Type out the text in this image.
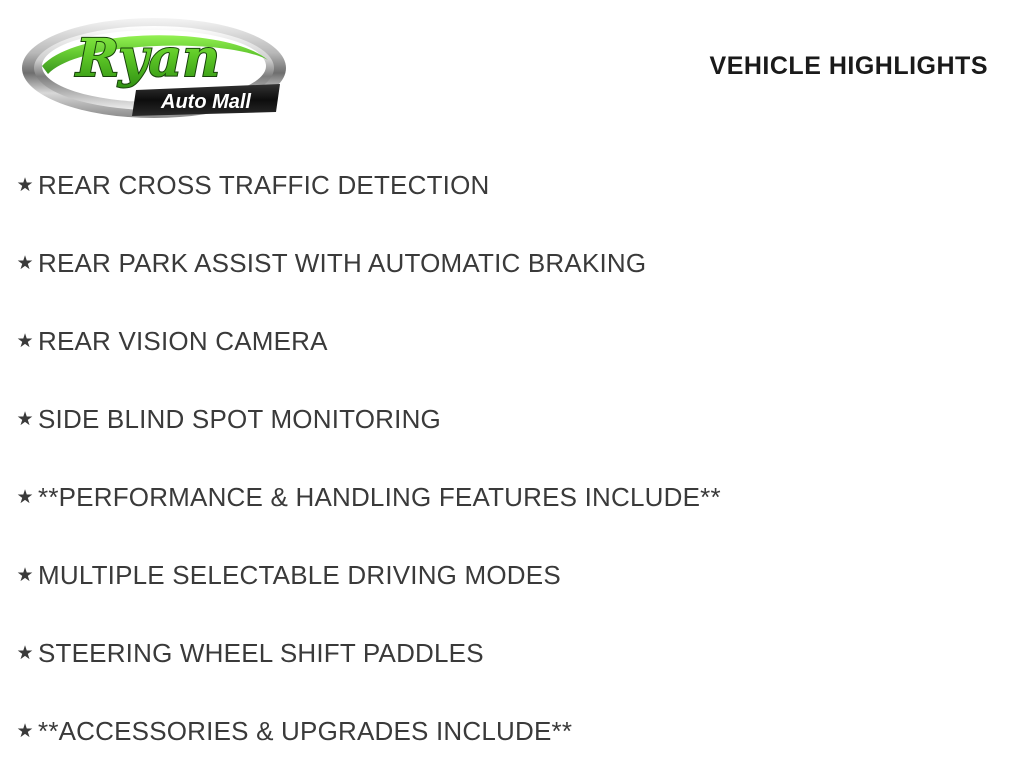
Ryan
Auto Mall
VEHICLE HIGHLIGHTS
★ REAR CROSS TRAFFIC DETECTION
★ REAR PARK ASSIST WITH AUTOMATIC BRAKING
★ REAR VISION CAMERA
★ SIDE BLIND SPOT MONITORING
★ **PERFORMANCE & HANDLING FEATURES INCLUDE**
★ MULTIPLE SELECTABLE DRIVING MODES
★ STEERING WHEEL SHIFT PADDLES
★ **ACCESSORIES & UPGRADES INCLUDE**
